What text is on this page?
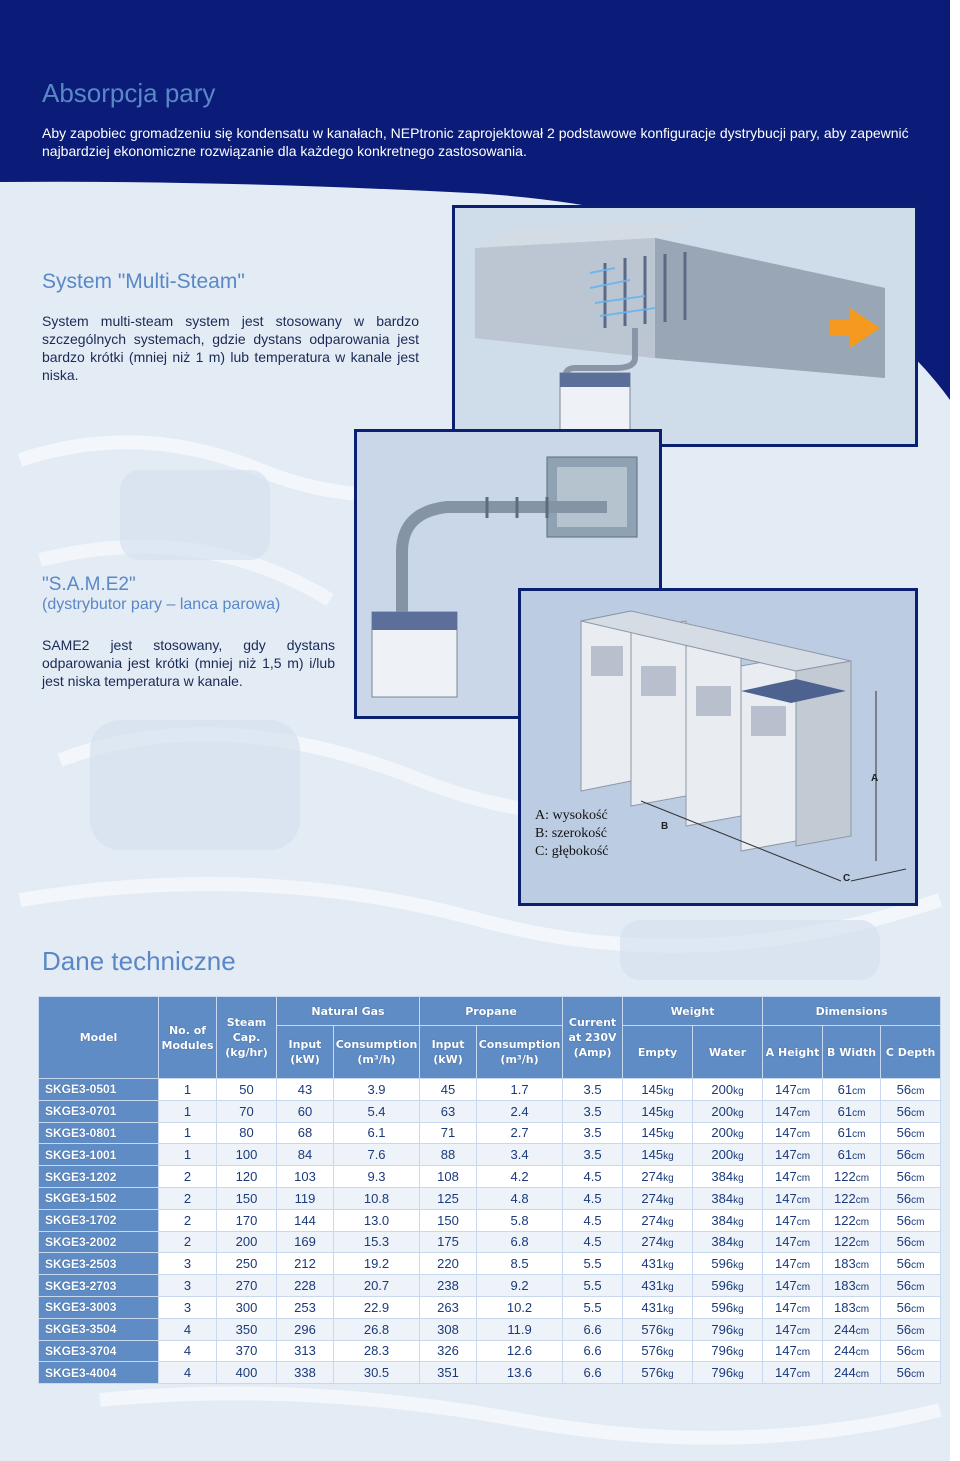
Absorpcja pary

Aby zapobiec gromadzeniu się kondensatu w kanałach, NEPtronic zaprojektował 2 podstawowe konfiguracje dystrybucji pary, aby zapewnić najbardziej ekonomiczne rozwiązanie dla każdego konkretnego zastosowania.

System "Multi-Steam"

System multi-steam system jest stosowany w bardzo szczególnych systemach, gdzie dystans odparowania jest bardzo krótki (mniej niż 1 m) lub temperatura w kanale jest niska.

"S.A.M.E2"
(dystrybutor pary – lanca parowa)

SAME2 jest stosowany, gdy dystans odparowania jest krótki (mniej niż 1,5 m) i/lub jest niska temperatura w kanale.

A
B
C
A: wysokość
B: szerokość
C: głębokość
Dane techniczne
Model	No. of Modules	Steam Cap. (kg/hr)	Natural Gas		Propane		Current at 230V (Amp)	Weight		Dimensions		
			Input (kW)	Consumption (m³/h)	Input (kW)	Consumption (m³/h)		Empty	Water	A Height	B Width	C Depth
SKGE3-0501	1	50	43	3.9	45	1.7	3.5	145kg	200kg	147cm	61cm	56cm
SKGE3-0701	1	70	60	5.4	63	2.4	3.5	145kg	200kg	147cm	61cm	56cm
SKGE3-0801	1	80	68	6.1	71	2.7	3.5	145kg	200kg	147cm	61cm	56cm
SKGE3-1001	1	100	84	7.6	88	3.4	3.5	145kg	200kg	147cm	61cm	56cm
SKGE3-1202	2	120	103	9.3	108	4.2	4.5	274kg	384kg	147cm	122cm	56cm
SKGE3-1502	2	150	119	10.8	125	4.8	4.5	274kg	384kg	147cm	122cm	56cm
SKGE3-1702	2	170	144	13.0	150	5.8	4.5	274kg	384kg	147cm	122cm	56cm
SKGE3-2002	2	200	169	15.3	175	6.8	4.5	274kg	384kg	147cm	122cm	56cm
SKGE3-2503	3	250	212	19.2	220	8.5	5.5	431kg	596kg	147cm	183cm	56cm
SKGE3-2703	3	270	228	20.7	238	9.2	5.5	431kg	596kg	147cm	183cm	56cm
SKGE3-3003	3	300	253	22.9	263	10.2	5.5	431kg	596kg	147cm	183cm	56cm
SKGE3-3504	4	350	296	26.8	308	11.9	6.6	576kg	796kg	147cm	244cm	56cm
SKGE3-3704	4	370	313	28.3	326	12.6	6.6	576kg	796kg	147cm	244cm	56cm
SKGE3-4004	4	400	338	30.5	351	13.6	6.6	576kg	796kg	147cm	244cm	56cm
